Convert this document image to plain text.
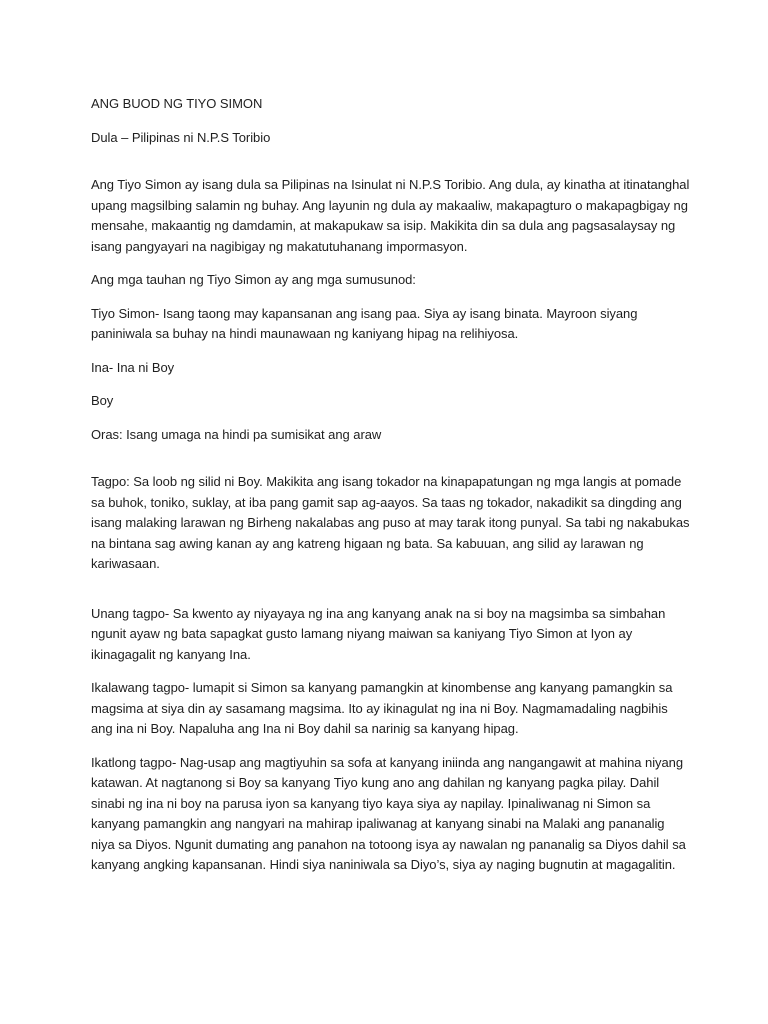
ANG BUOD NG TIYO SIMON

Dula – Pilipinas ni N.P.S Toribio

Ang Tiyo Simon ay isang dula sa Pilipinas na Isinulat ni N.P.S Toribio. Ang dula, ay kinatha at itinatanghal upang magsilbing salamin ng buhay. Ang layunin ng dula ay makaaliw, makapagturo o makapagbigay ng mensahe, makaantig ng damdamin, at makapukaw sa isip. Makikita din sa dula ang pagsasalaysay ng isang pangyayari na nagibigay ng makatutuhanang impormasyon.

Ang mga tauhan ng Tiyo Simon ay ang mga sumusunod:

Tiyo Simon- Isang taong may kapansanan ang isang paa. Siya ay isang binata. Mayroon siyang paniniwala sa buhay na hindi maunawaan ng kaniyang hipag na relihiyosa.

Ina- Ina ni Boy

Boy

Oras: Isang umaga na hindi pa sumisikat ang araw

Tagpo: Sa loob ng silid ni Boy. Makikita ang isang tokador na kinapapatungan ng mga langis at pomade sa buhok, toniko, suklay, at iba pang gamit sap ag-aayos. Sa taas ng tokador, nakadikit sa dingding ang isang malaking larawan ng Birheng nakalabas ang puso at may tarak itong punyal. Sa tabi ng nakabukas na bintana sag awing kanan ay ang katreng higaan ng bata. Sa kabuuan, ang silid ay larawan ng kariwasaan.

Unang tagpo- Sa kwento ay niyayaya ng ina ang kanyang anak na si boy na magsimba sa simbahan ngunit ayaw ng bata sapagkat gusto lamang niyang maiwan sa kaniyang Tiyo Simon at Iyon ay ikinagagalit ng kanyang Ina.

Ikalawang tagpo- lumapit si Simon sa kanyang pamangkin at kinombense ang kanyang pamangkin sa magsima at siya din ay sasamang magsima. Ito ay ikinagulat ng ina ni Boy. Nagmamadaling nagbihis ang ina ni Boy. Napaluha ang Ina ni Boy dahil sa narinig sa kanyang hipag.

Ikatlong tagpo- Nag-usap ang magtiyuhin sa sofa at kanyang iniinda ang nangangawit at mahina niyang katawan. At nagtanong si Boy sa kanyang Tiyo kung ano ang dahilan ng kanyang pagka pilay. Dahil sinabi ng ina ni boy na parusa iyon sa kanyang tiyo kaya siya ay napilay. Ipinaliwanag ni Simon sa kanyang pamangkin ang nangyari na mahirap ipaliwanag at kanyang sinabi na Malaki ang pananalig niya sa Diyos. Ngunit dumating ang panahon na totoong isya ay nawalan ng pananalig sa Diyos dahil sa kanyang angking kapansanan. Hindi siya naniniwala sa Diyo’s, siya ay naging bugnutin at magagalitin.
